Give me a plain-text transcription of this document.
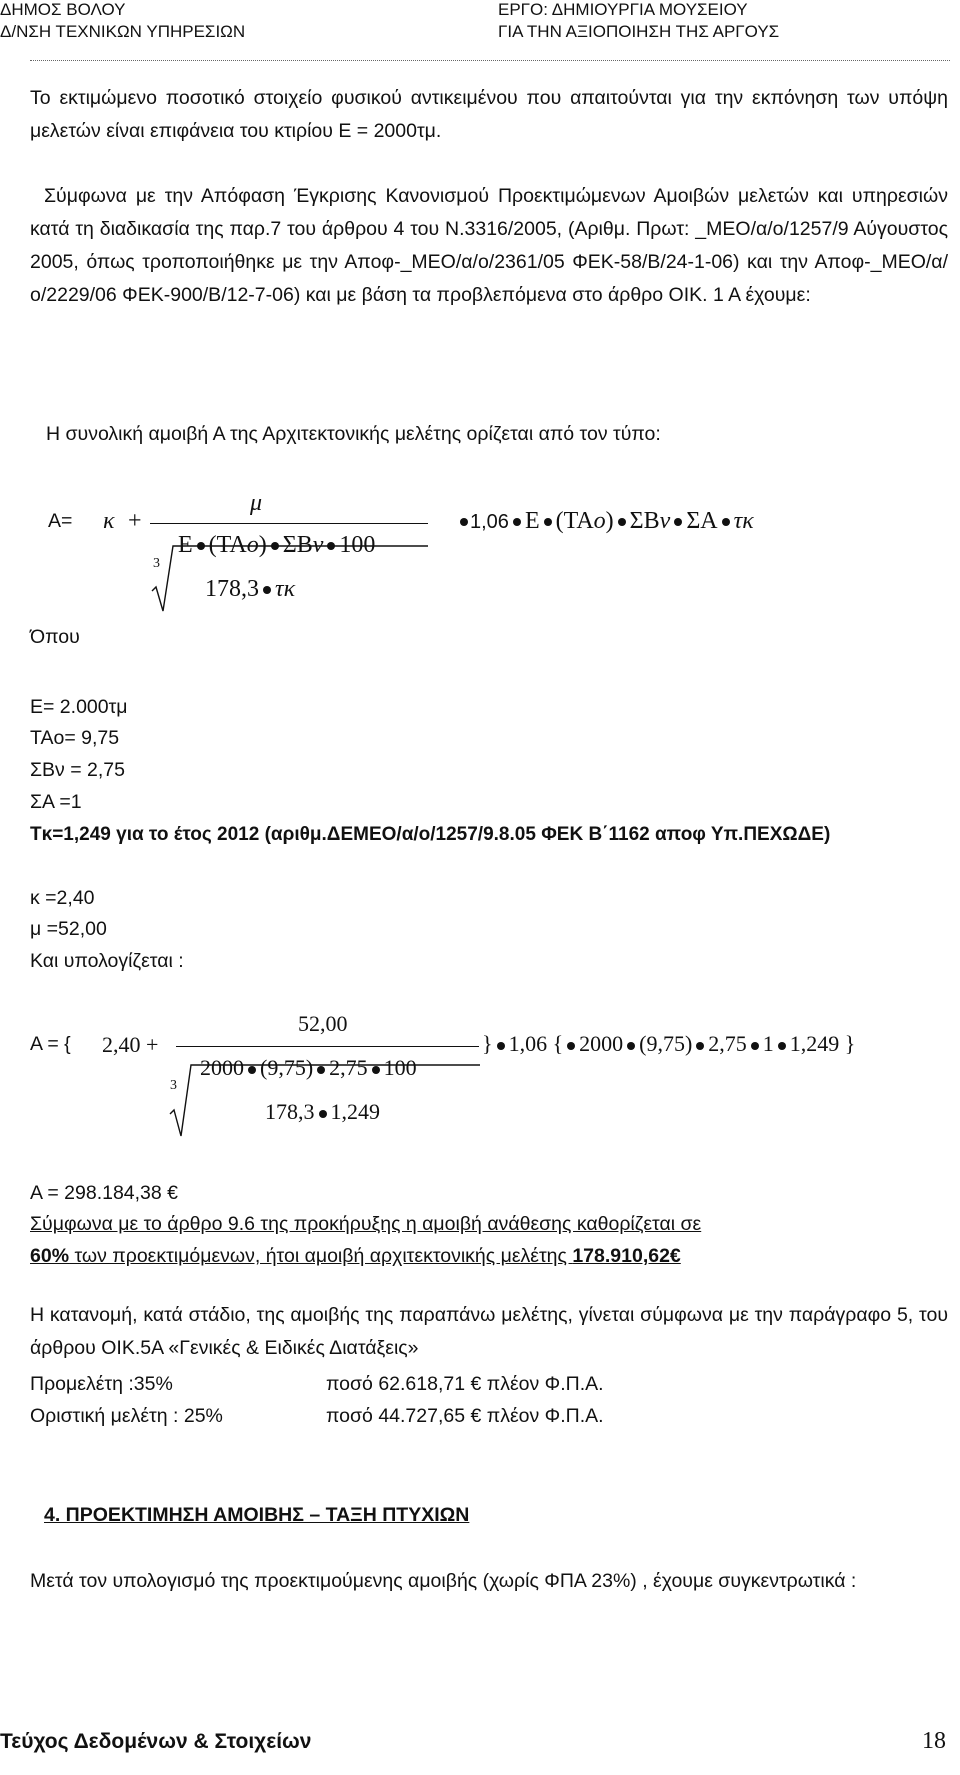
ΔΗΜΟΣ ΒΟΛΟΥ
Δ/ΝΣΗ ΤΕΧΝΙΚΩΝ ΥΠΗΡΕΣΙΩΝ
ΕΡΓΟ: ΔΗΜΙΟΥΡΓΙΑ ΜΟΥΣΕΙΟΥ
ΓΙΑ ΤΗΝ ΑΞΙΟΠΟΙΗΣΗ ΤΗΣ ΑΡΓΟΥΣ

Το εκτιμώμενο ποσοτικό στοιχείο φυσικού αντικειμένου που απαιτούνται για την εκπόνηση των υπόψη μελετών είναι επιφάνεια του κτιρίου Ε = 2000τμ.

Σύμφωνα με την Απόφαση Έγκρισης Κανονισμού Προεκτιμώμενων Αμοιβών μελετών και υπηρεσιών κατά τη διαδικασία της παρ.7 του άρθρου 4 του Ν.3316/2005, (Αριθμ. Πρωτ: _ΜΕΟ/α/ο/1257/9 Αύγουστος 2005, όπως τροποποιήθηκε με την Αποφ-_ΜΕΟ/α/ο/2361/05 ΦΕΚ-58/Β/24-1-06) και την Αποφ-_ΜΕΟ/α/ο/2229/06 ΦΕΚ-900/Β/12-7-06) και με βάση τα προβλεπόμενα στο άρθρο ΟΙΚ. 1 Α έχουμε:

Η συνολική αμοιβή Α της Αρχιτεκτονικής μελέτης ορίζεται από τον τύπο:

Α= κ +
μ
3
Ε (ΤΑο) ΣΒν 100
178,3 τκ
1,06 Ε (ΤΑο) ΣΒν ΣΑ τκ
Όπου
Ε= 2.000τμ
ΤΑο= 9,75
ΣΒν = 2,75
ΣΑ =1

Τκ=1,249 για το έτος 2012 (αριθμ.ΔΕΜΕΟ/α/ο/1257/9.8.05 ΦΕΚ Β΄1162 αποφ Υπ.ΠΕΧΩΔΕ)

κ =2,40
μ =52,00
Και υπολογίζεται :
Α = { 2,40 +
52,00
3
2000 (9,75) 2,75 100
178,3 1,249
} 1,06 { 2000 (9,75) 2,75 1 1,249 }
Α = 298.184,38 €
Σύμφωνα με το άρθρο 9.6 της προκήρυξης η αμοιβή ανάθεσης καθορίζεται σε
60% των προεκτιμόμενων, ήτοι αμοιβή αρχιτεκτονικής μελέτης 178.910,62€

Η κατανομή, κατά στάδιο, της αμοιβής της παραπάνω μελέτης, γίνεται σύμφωνα με την παράγραφο 5, του άρθρου ΟΙΚ.5Α «Γενικές & Ειδικές Διατάξεις»

Προμελέτη :35%	ποσό 62.618,71 € πλέον Φ.Π.Α.
Οριστική μελέτη : 25%	ποσό 44.727,65 € πλέον Φ.Π.Α.
4. ΠΡΟΕΚΤΙΜΗΣΗ ΑΜΟΙΒΗΣ – ΤΑΞΗ ΠΤΥΧΙΩΝ

Μετά τον υπολογισμό της προεκτιμούμενης αμοιβής (χωρίς ΦΠΑ 23%) , έχουμε συγκεντρωτικά :

Τεύχος Δεδομένων & Στοιχείων	18
